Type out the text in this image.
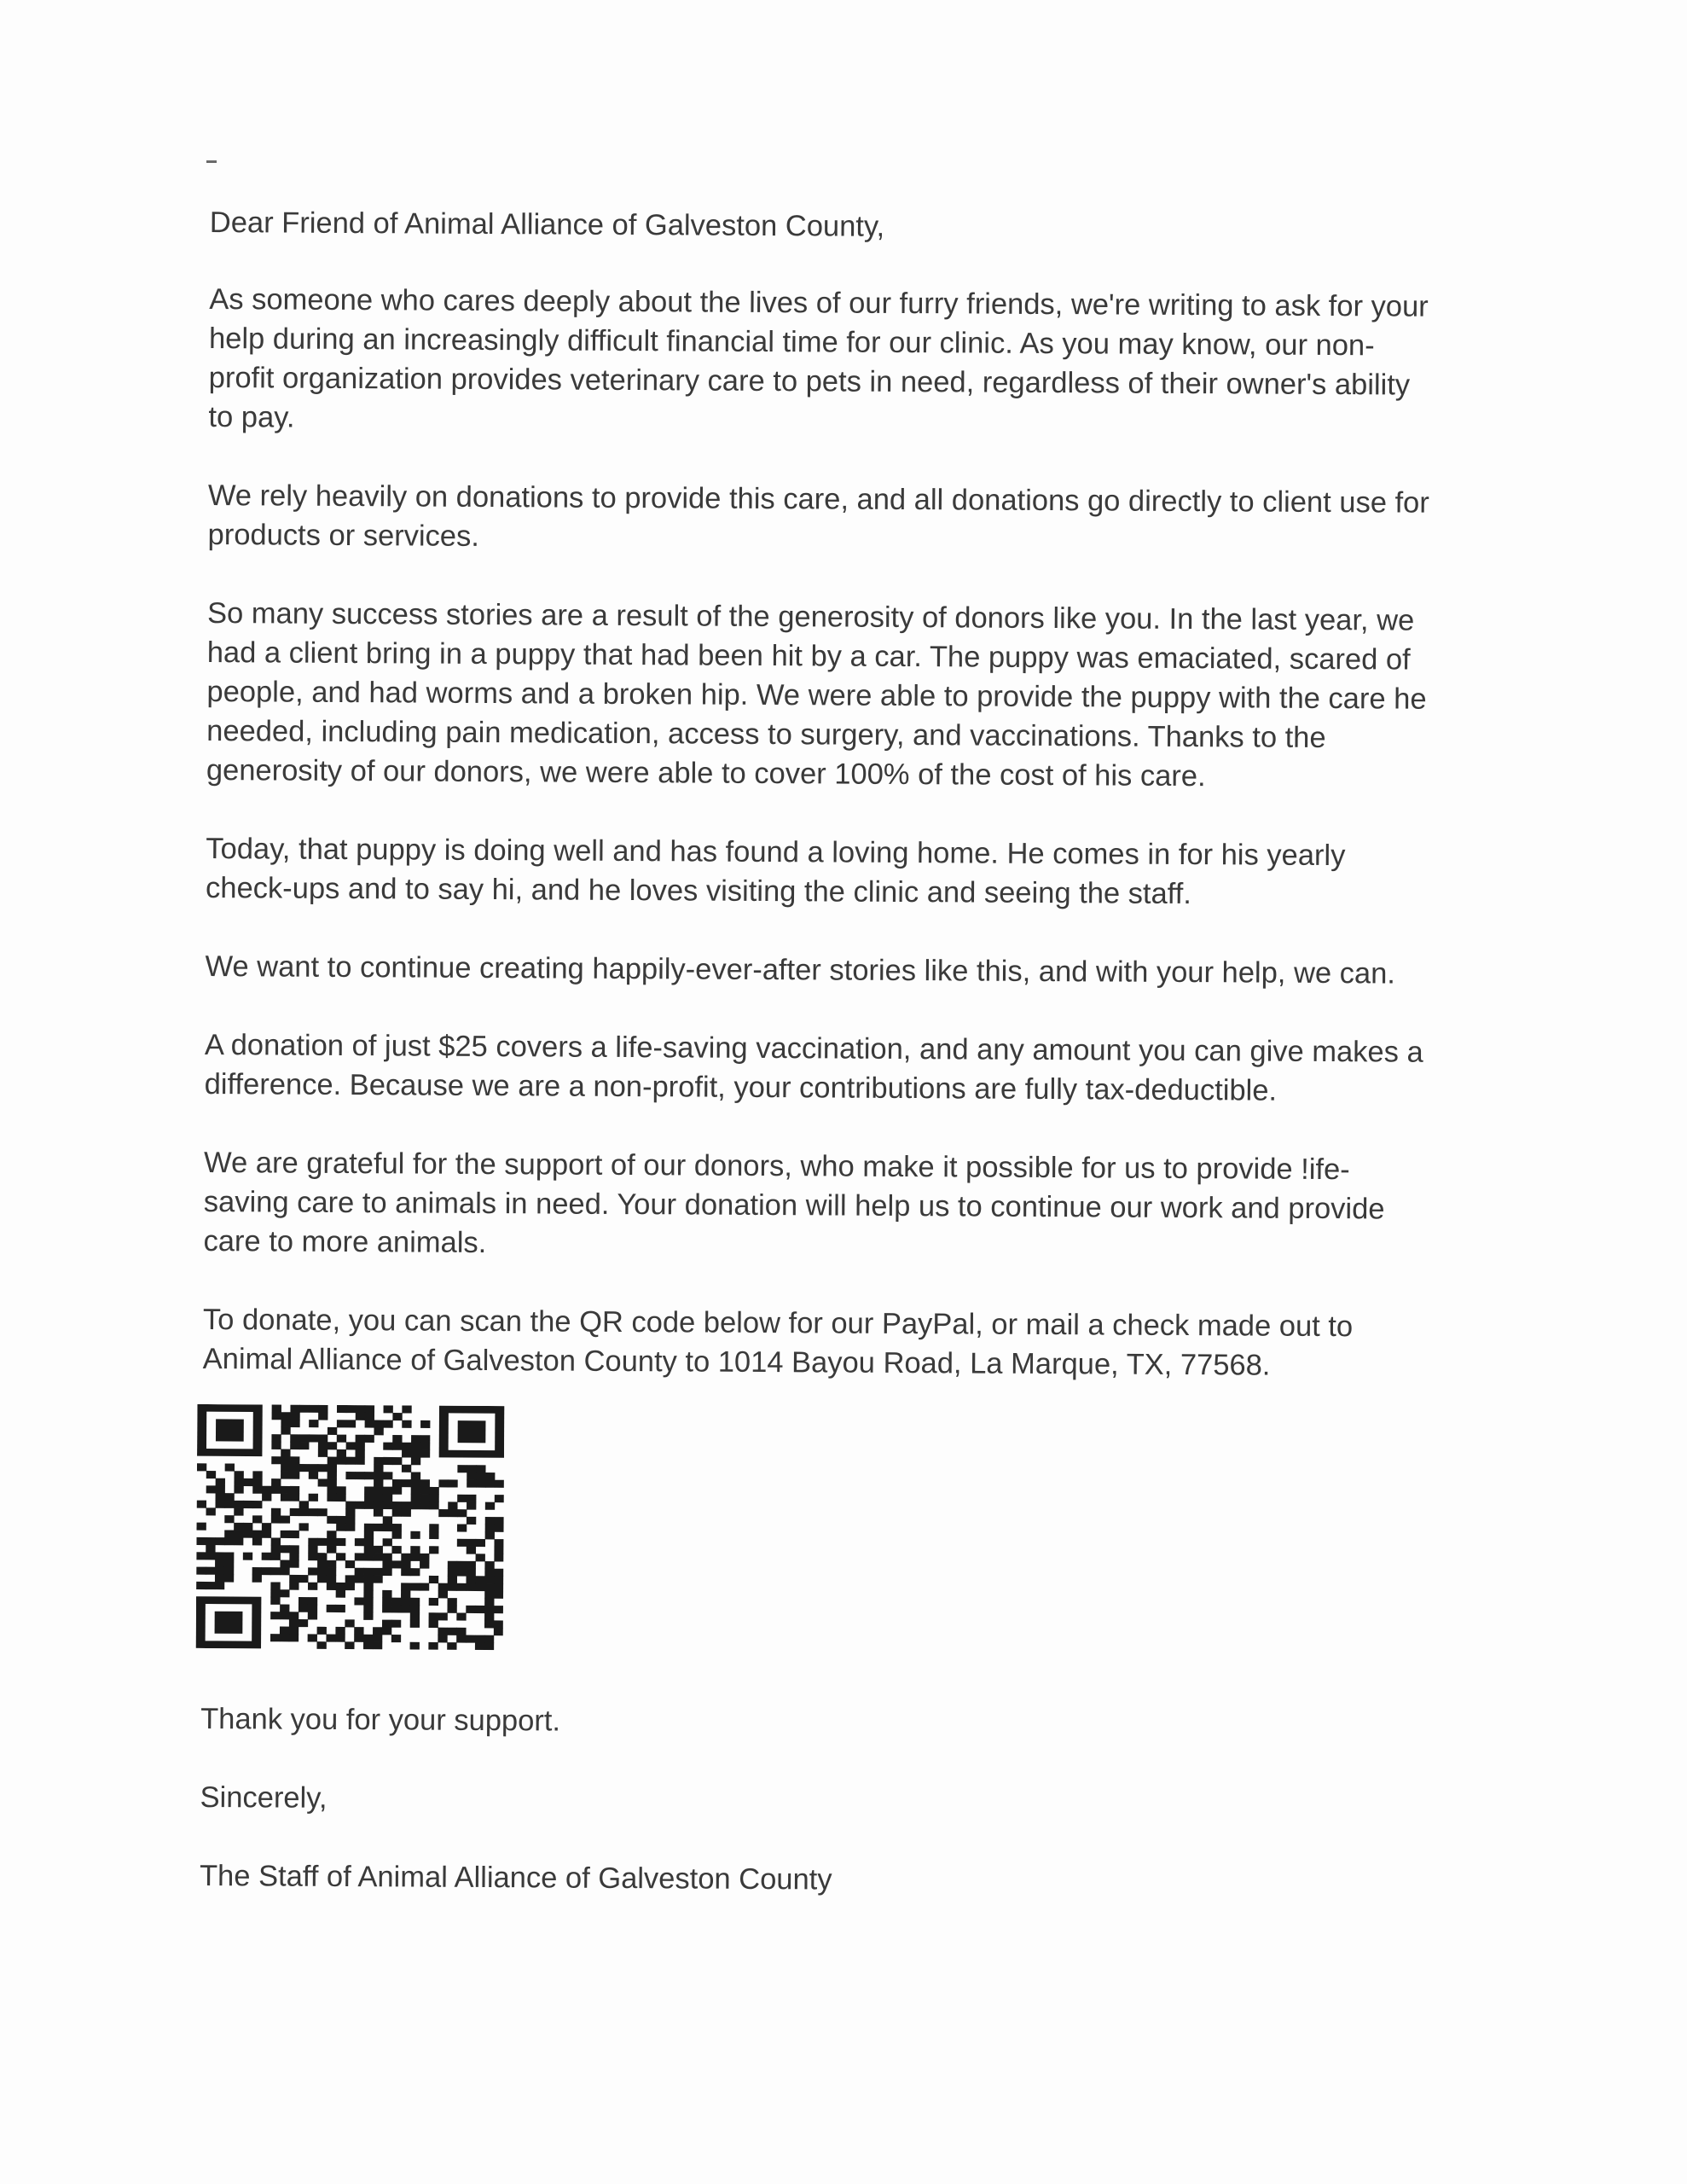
Dear Friend of Animal Alliance of Galveston County,

As someone who cares deeply about the lives of our furry friends, we're writing to ask for your help during an increasingly difficult financial time for our clinic. As you may know, our non-profit organization provides veterinary care to pets in need, regardless of their owner's ability to pay.

We rely heavily on donations to provide this care, and all donations go directly to client use for products or services.

So many success stories are a result of the generosity of donors like you. In the last year, we had a client bring in a puppy that had been hit by a car. The puppy was emaciated, scared of people, and had worms and a broken hip. We were able to provide the puppy with the care he needed, including pain medication, access to surgery, and vaccinations. Thanks to the generosity of our donors, we were able to cover 100% of the cost of his care.

Today, that puppy is doing well and has found a loving home. He comes in for his yearly check-ups and to say hi, and he loves visiting the clinic and seeing the staff.

We want to continue creating happily-ever-after stories like this, and with your help, we can.

A donation of just $25 covers a life-saving vaccination, and any amount you can give makes a difference. Because we are a non-profit, your contributions are fully tax-deductible.

We are grateful for the support of our donors, who make it possible for us to provide !ife-saving care to animals in need. Your donation will help us to continue our work and provide care to more animals.

To donate, you can scan the QR code below for our PayPal, or mail a check made out to Animal Alliance of Galveston County to 1014 Bayou Road, La Marque, TX, 77568.

Thank you for your support.

Sincerely,

The Staff of Animal Alliance of Galveston County
